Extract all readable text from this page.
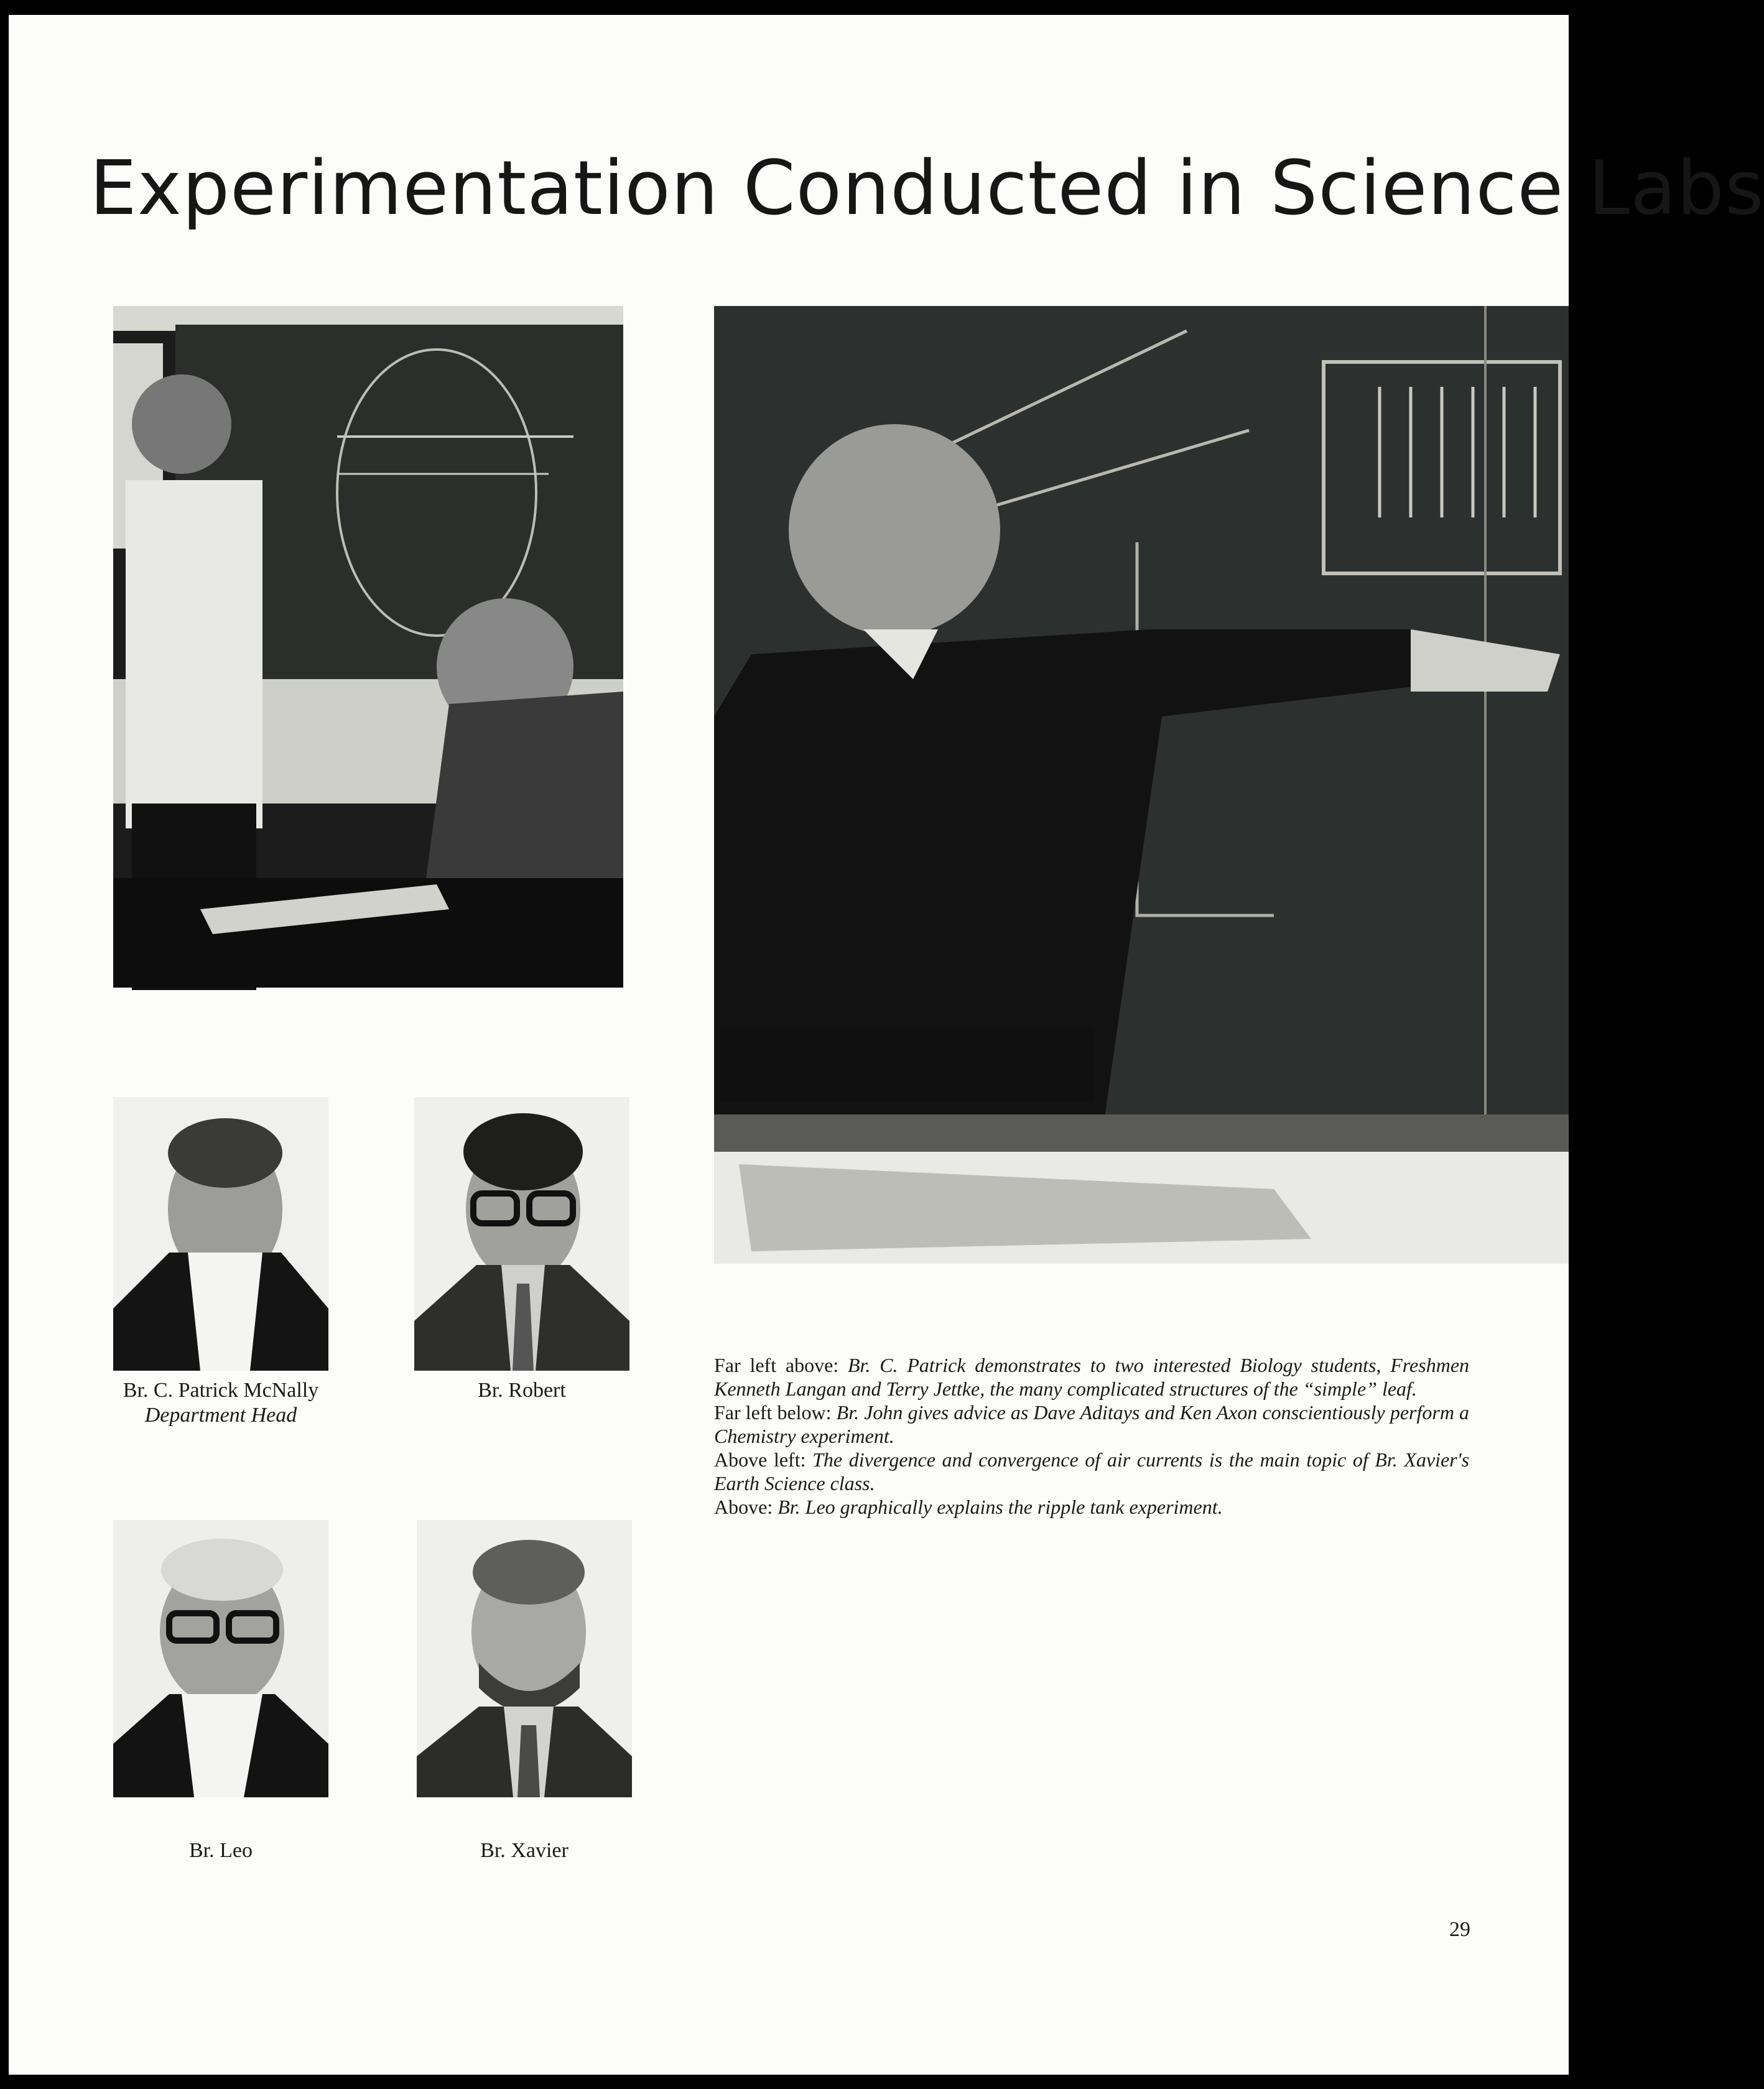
Experimentation Conducted in Science Labs
Br. C. Patrick McNally
Department Head
Br. Robert
Br. Leo	Br. Xavier

Far left above: Br. C. Patrick demonstrates to two interested Biology students, Freshmen Kenneth Langan and Terry Jettke, the many complicated structures of the “simple” leaf.

Far left below: Br. John gives advice as Dave Aditays and Ken Axon conscientiously perform a Chemistry experiment.

Above left: The divergence and convergence of air currents is the main topic of Br. Xavier's Earth Science class.

Above: Br. Leo graphically explains the ripple tank experiment.

29
